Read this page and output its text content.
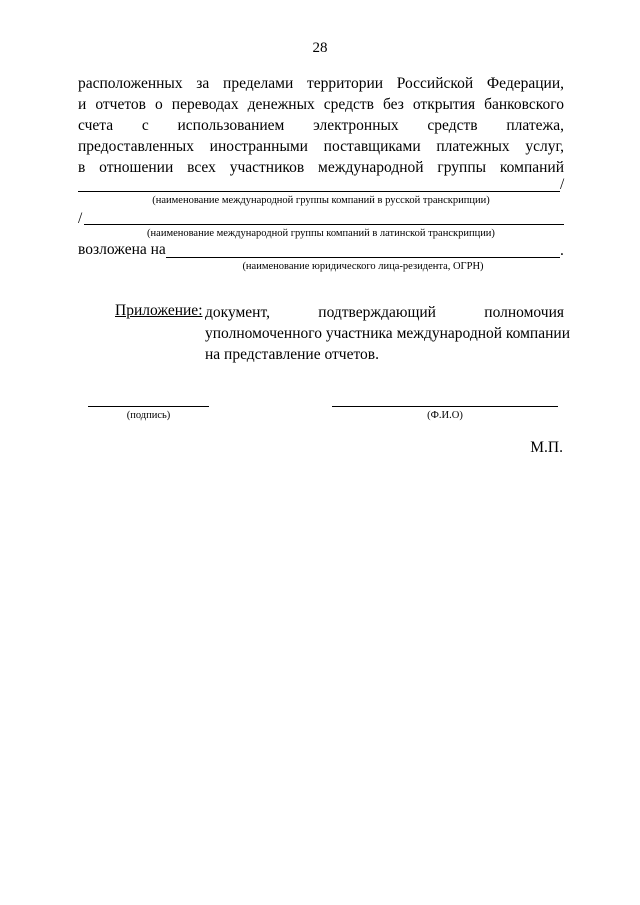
28
расположенных за пределами территории Российской Федерации,
и отчетов о переводах денежных средств без открытия банковского
счета с использованием электронных средств платежа,
предоставленных иностранными поставщиками платежных услуг,
в отношении всех участников международной группы компаний
/
(наименование международной группы компаний в русской транскрипции)
/
(наименование международной группы компаний в латинской транскрипции)
возложена на	.
(наименование юридического лица-резидента, ОГРН)
Приложение: документ, подтверждающий полномочия
уполномоченного участника международной компании
на представление отчетов.
(подпись)	(Ф.И.О)
М.П.
